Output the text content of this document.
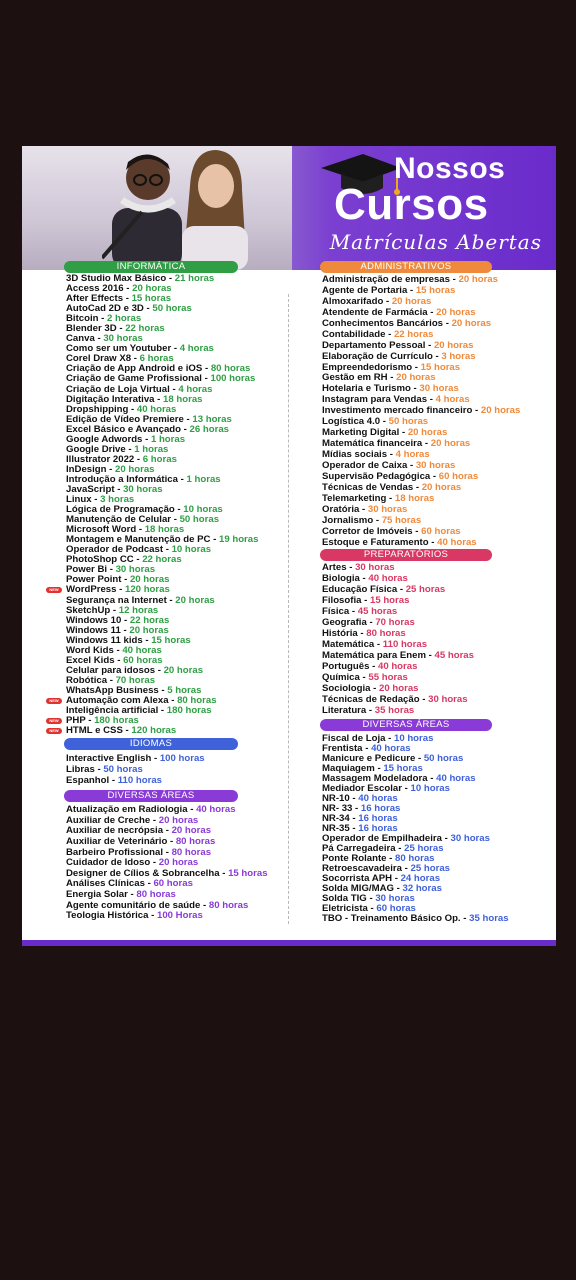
Nossos
Cursos
Matrículas Abertas
INFORMÁTICA
3D Studio Max Básico - 21 horas
Access 2016 - 20 horas
After Effects - 15 horas
AutoCad 2D e 3D - 50 horas
Bitcoin - 2 horas
Blender 3D - 22 horas
Canva - 30 horas
Como ser um Youtuber - 4 horas
Corel Draw X8 - 6 horas
Criação de App Android e iOS - 80 horas
Criação de Game Profissional - 100 horas
Criação de Loja Virtual - 4 horas
Digitação Interativa - 18 horas
Dropshipping - 40 horas
Edição de Vídeo Premiere - 13 horas
Excel Básico e Avançado - 26 horas
Google Adwords - 1 horas
Google Drive - 1 horas
Illustrator 2022 - 6 horas
InDesign - 20 horas
Introdução a Informática - 1 horas
JavaScript - 30 horas
Linux - 3 horas
Lógica de Programação - 10 horas
Manutenção de Celular - 50 horas
Microsoft Word - 18 horas
Montagem e Manutenção de PC - 19 horas
Operador de Podcast - 10 horas
PhotoShop CC - 22 horas
Power Bi - 30 horas
Power Point - 20 horas
NEW WordPress - 120 horas
Segurança na Internet - 20 horas
SketchUp - 12 horas
Windows 10 - 22 horas
Windows 11 - 20 horas
Windows 11 kids - 15 horas
Word Kids - 40 horas
Excel Kids - 60 horas
Celular para idosos - 20 horas
Robótica - 70 horas
WhatsApp Business - 5 horas
NEW Automação com Alexa - 80 horas
Inteligência artificial - 180 horas
NEW PHP - 180 horas
NEW HTML e CSS - 120 horas
IDIOMAS
Interactive English - 100 horas
Libras - 50 horas
Espanhol - 110 horas
DIVERSAS ÁREAS
Atualização em Radiologia - 40 horas
Auxiliar de Creche - 20 horas
Auxiliar de necrópsia - 20 horas
Auxiliar de Veterinário - 80 horas
Barbeiro Profissional - 80 horas
Cuidador de Idoso - 20 horas
Designer de Cílios & Sobrancelha - 15 horas
Análises Clínicas - 60 horas
Energia Solar - 80 horas
Agente comunitário de saúde - 80 horas
Teologia Histórica - 100 Horas
ADMINISTRATIVOS
Administração de empresas - 20 horas
Agente de Portaria - 15 horas
Almoxarifado - 20 horas
Atendente de Farmácia - 20 horas
Conhecimentos Bancários - 20 horas
Contabilidade - 22 horas
Departamento Pessoal - 20 horas
Elaboração de Currículo - 3 horas
Empreendedorismo - 15 horas
Gestão em RH - 20 horas
Hotelaria e Turismo - 30 horas
Instagram para Vendas - 4 horas
Investimento mercado financeiro - 20 horas
Logística 4.0 - 50 horas
Marketing Digital - 20 horas
Matemática financeira - 20 horas
Mídias sociais - 4 horas
Operador de Caixa - 30 horas
Supervisão Pedagógica - 60 horas
Técnicas de Vendas - 20 horas
Telemarketing - 18 horas
Oratória - 30 horas
Jornalismo - 75 horas
Corretor de Imóveis - 60 horas
Estoque e Faturamento - 40 horas
PREPARATÓRIOS
Artes - 30 horas
Biologia - 40 horas
Educação Física - 25 horas
Filosofia - 15 horas
Física - 45 horas
Geografia - 70 horas
História - 80 horas
Matemática - 110 horas
Matemática para Enem - 45 horas
Português - 40 horas
Química - 55 horas
Sociologia - 20 horas
Técnicas de Redação - 30 horas
Literatura - 35 horas
DIVERSAS ÁREAS
Fiscal de Loja - 10 horas
Frentista - 40 horas
Manicure e Pedicure - 50 horas
Maquiagem - 15 horas
Massagem Modeladora - 40 horas
Mediador Escolar - 10 horas
NR-10 - 40 horas
NR- 33 - 16 horas
NR-34 - 16 horas
NR-35 - 16 horas
Operador de Empilhadeira - 30 horas
Pá Carregadeira - 25 horas
Ponte Rolante - 80 horas
Retroescavadeira - 25 horas
Socorrista APH - 24 horas
Solda MIG/MAG - 32 horas
Solda TIG - 30 horas
Eletricista - 60 horas
TBO - Treinamento Básico Op. - 35 horas
